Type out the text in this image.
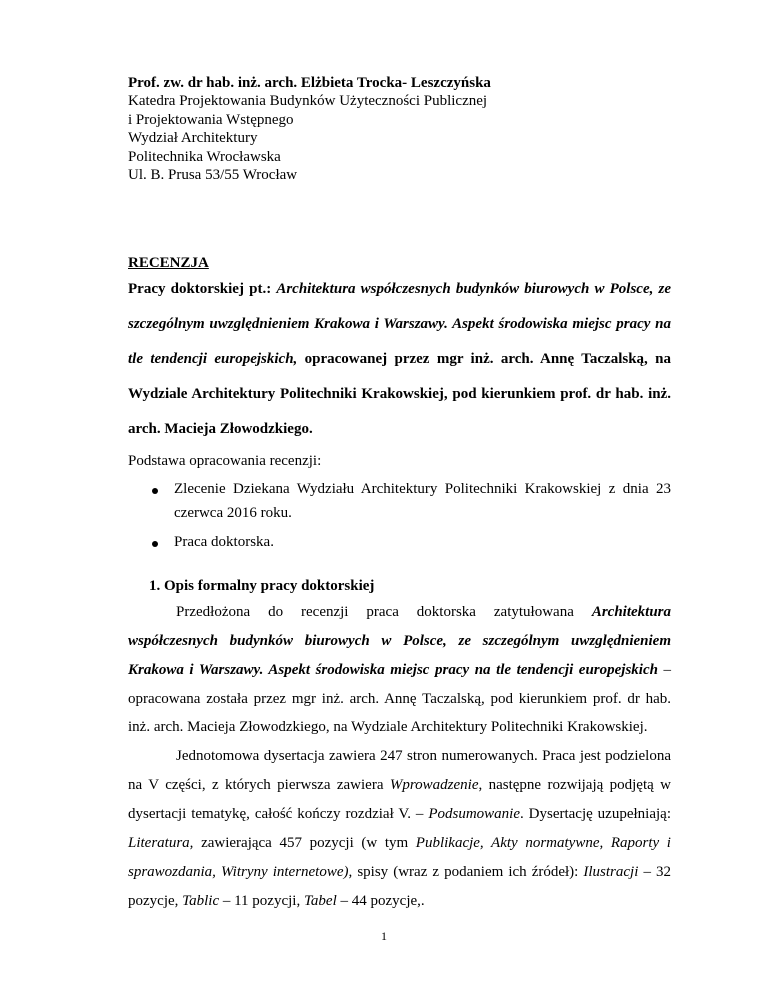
Prof. zw. dr hab. inż. arch. Elżbieta Trocka- Leszczyńska
Katedra Projektowania Budynków Użyteczności Publicznej
i Projektowania Wstępnego
Wydział Architektury
Politechnika Wrocławska
Ul. B. Prusa 53/55 Wrocław
RECENZJA
Pracy doktorskiej pt.: Architektura współczesnych budynków biurowych w Polsce, ze
szczególnym uwzględnieniem Krakowa i Warszawy. Aspekt środowiska miejsc pracy na
tle tendencji europejskich, opracowanej przez mgr inż. arch. Annę Taczalską, na
Wydziale Architektury Politechniki Krakowskiej, pod kierunkiem prof. dr hab. inż.
arch. Macieja Złowodzkiego.
Podstawa opracowania recenzji:
Zlecenie Dziekana Wydziału Architektury Politechniki Krakowskiej z dnia 23
czerwca 2016 roku.
Praca doktorska.
1. Opis formalny pracy doktorskiej
Przedłożona do recenzji praca doktorska zatytułowana Architektura
współczesnych budynków biurowych w Polsce, ze szczególnym uwzględnieniem
Krakowa i Warszawy. Aspekt środowiska miejsc pracy na tle tendencji europejskich –
opracowana została przez mgr inż. arch. Annę Taczalską, pod kierunkiem prof. dr hab.
inż. arch. Macieja Złowodzkiego, na Wydziale Architektury Politechniki Krakowskiej.
Jednotomowa dysertacja zawiera 247 stron numerowanych. Praca jest podzielona
na V części, z których pierwsza zawiera Wprowadzenie, następne rozwijają podjętą w
dysertacji tematykę, całość kończy rozdział V. – Podsumowanie. Dysertację uzupełniają:
Literatura, zawierająca 457 pozycji (w tym Publikacje, Akty normatywne, Raporty i
sprawozdania, Witryny internetowe), spisy (wraz z podaniem ich źródeł): Ilustracji – 32
pozycje, Tablic – 11 pozycji, Tabel – 44 pozycje,.
1
